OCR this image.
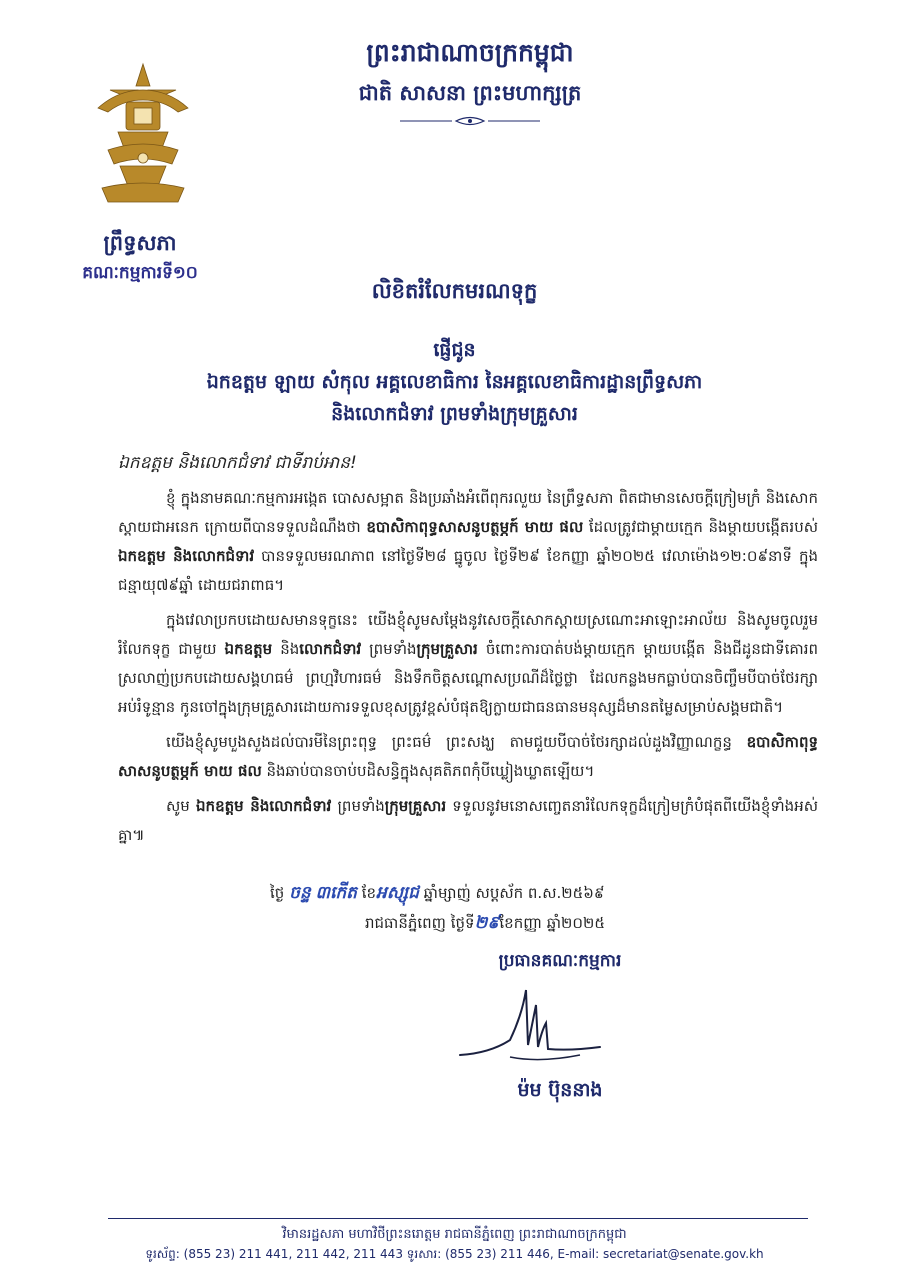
ព្រះរាជាណាចក្រកម្ពុជា
ជាតិ សាសនា ព្រះមហាក្សត្រ
ព្រឹទ្ធសភា
គណៈកម្មការទី១០
លិខិតរំលែកមរណទុក្ខ
ផ្ញើជូន
ឯកឧត្តម ឡាយ សំកុល អគ្គលេខាធិការ នៃអគ្គលេខាធិការដ្ឋានព្រឹទ្ធសភា
និងលោកជំទាវ ព្រមទាំងក្រុមគ្រួសារ
ឯកឧត្តម និងលោកជំទាវ ជាទីរាប់អាន!

ខ្ញុំ ក្នុងនាមគណៈកម្មការអង្កេត បោសសម្អាត និងប្រឆាំងអំពើពុករលួយ នៃព្រឹទ្ធសភា ពិតជាមានសេចក្តីក្រៀមក្រំ និងសោកស្តាយជាអនេក ក្រោយពីបានទទួលដំណឹងថា ឧបាសិកាពុទ្ធសាសនូបត្ថម្ភក៍ មាយ ផល ដែលត្រូវជាម្តាយក្មេក និងម្តាយបង្កើតរបស់ ឯកឧត្តម និងលោកជំទាវ បានទទួលមរណភាព នៅថ្ងៃទី២៨ ធ្នូចូល ថ្ងៃទី២៩ ខែកញ្ញា ឆ្នាំ២០២៥ វេលាម៉ោង១២:០៩នាទី ក្នុងជន្មាយុ៧៩ឆ្នាំ ដោយជរាពាធ។

ក្នុងវេលាប្រកបដោយសមានទុក្ខនេះ យើងខ្ញុំសូមសម្តែងនូវសេចក្តីសោកស្តាយស្រណោះអាឡោះអាល័យ និងសូមចូលរួមរំលែកទុក្ខ ជាមួយ ឯកឧត្តម និងលោកជំទាវ ព្រមទាំងក្រុមគ្រួសារ ចំពោះការបាត់បង់ម្តាយក្មេក ម្តាយបង្កើត និងជីដូនជាទីគោរពស្រលាញ់ប្រកបដោយសង្គហធម៌ ព្រហ្មវិហារធម៌ និងទឹកចិត្តសណ្តោសប្រណីដ៏ថ្លៃថ្លា ដែលកន្លងមកធ្លាប់បានចិញ្ចឹមបីបាច់ថែរក្សា អប់រំទូន្មាន កូនចៅក្នុងក្រុមគ្រួសារដោយការទទួលខុសត្រូវខ្ពស់បំផុតឱ្យក្លាយជាធនធានមនុស្សដ៏មានតម្លៃសម្រាប់សង្គមជាតិ។

យើងខ្ញុំសូមបួងសួងដល់បារមីនៃព្រះពុទ្ធ ព្រះធម៌ ព្រះសង្ឃ តាមជួយបីបាច់ថែរក្សាដល់ដួងវិញ្ញាណក្ខន្ធ ឧបាសិកាពុទ្ធសាសនូបត្ថម្ភក៍ មាយ ផល និងឆាប់បានចាប់បដិសន្ធិក្នុងសុគតិភពកុំបីឃ្លៀងឃ្លាតឡើយ។

សូម ឯកឧត្តម និងលោកជំទាវ ព្រមទាំងក្រុមគ្រួសារ ទទួលនូវមនោសញ្ចេតនារំលែកទុក្ខដ៏ក្រៀមក្រំបំផុតពីយើងខ្ញុំទាំងអស់គ្នា៕

ថ្ងៃ ចន្ទ ៣កើត ខែអស្សុជ ឆ្នាំម្សាញ់ សប្តស័ក ព.ស.២៥៦៩
រាជធានីភ្នំពេញ ថ្ងៃទី២៩ខែកញ្ញា ឆ្នាំ២០២៥
ប្រធានគណៈកម្មការ
ម៉ម ប៊ុននាង
វិមានរដ្ឋសភា មហាវិថីព្រះនរោត្តម រាជធានីភ្នំពេញ ព្រះរាជាណាចក្រកម្ពុជា
ទូរស័ព្ទ: (855 23) 211 441, 211 442, 211 443 ទូរសារ: (855 23) 211 446, E-mail: secretariat@senate.gov.kh
